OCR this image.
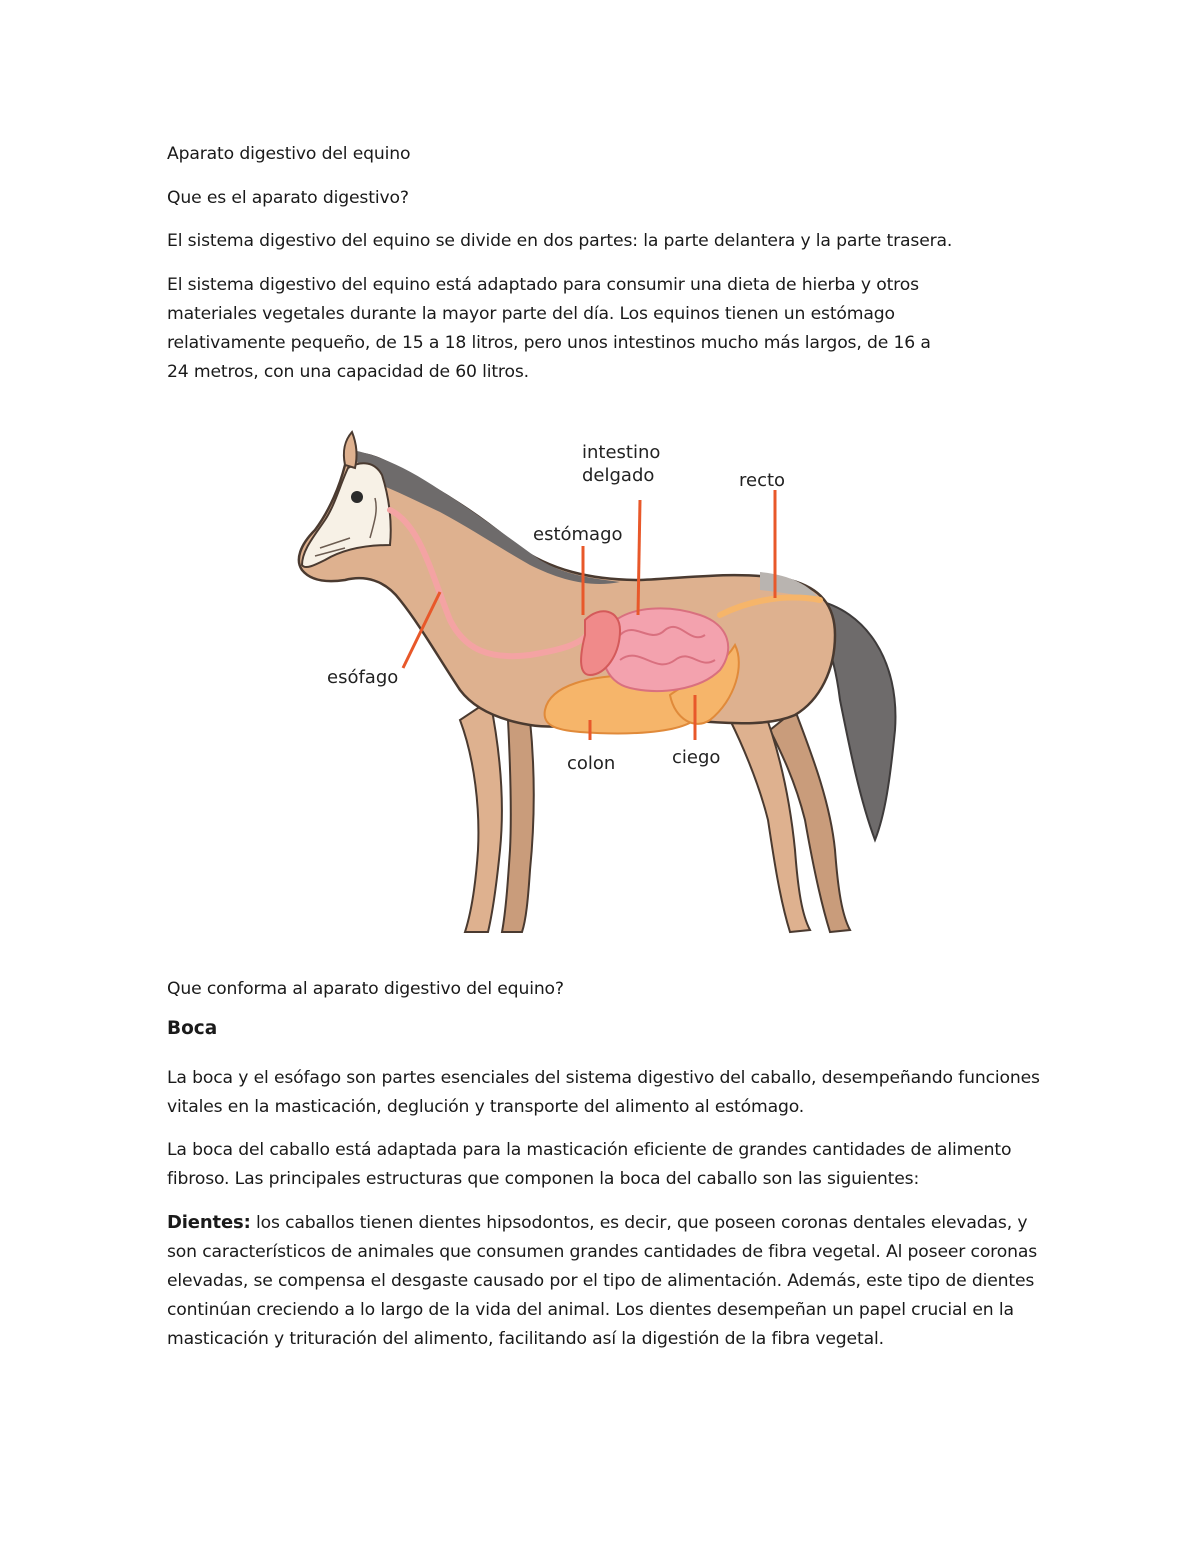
Aparato digestivo del equino

Que es el aparato digestivo?

El sistema digestivo del equino se divide en dos partes: la parte delantera y la parte trasera.

El sistema digestivo del equino está adaptado para consumir una dieta de hierba y otros materiales vegetales durante la mayor parte del día. Los equinos tienen un estómago relativamente pequeño, de 15 a 18 litros, pero unos intestinos mucho más largos, de 16 a 24 metros, con una capacidad de 60 litros.

intestino
delgado	recto
estómago
esófago
colon	ciego

Que conforma al aparato digestivo del equino?

Boca

La boca y el esófago son partes esenciales del sistema digestivo del caballo, desempeñando funciones vitales en la masticación, deglución y transporte del alimento al estómago.

La boca del caballo está adaptada para la masticación eficiente de grandes cantidades de alimento fibroso. Las principales estructuras que componen la boca del caballo son las siguientes:

Dientes: los caballos tienen dientes hipsodontos, es decir, que poseen coronas dentales elevadas, y son característicos de animales que consumen grandes cantidades de fibra vegetal. Al poseer coronas elevadas, se compensa el desgaste causado por el tipo de alimentación. Además, este tipo de dientes continúan creciendo a lo largo de la vida del animal. Los dientes desempeñan un papel crucial en la masticación y trituración del alimento, facilitando así la digestión de la fibra vegetal.
